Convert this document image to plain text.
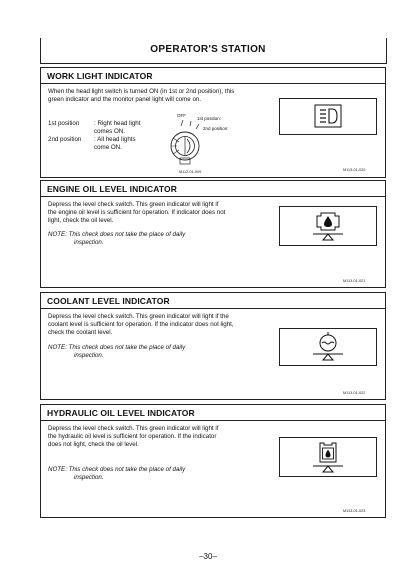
OPERATOR'S STATION
WORK LIGHT INDICATOR
When the head light switch is turned ON (in 1st or 2nd position), this green indicator and the monitor panel light will come on.
1st position : Right head light comes ON.
2nd position : All head lights come ON.
OFF
1st position:
2nd position:
M112-01-009	M113-01-020
ENGINE OIL LEVEL INDICATOR
Depress the level check switch. This green indicator will light if the engine oil level is sufficient for operation. If indicator does not light, check the oil level.
NOTE: This check does not take the place of daily
inspection.
M113-01-021
COOLANT LEVEL INDICATOR
Depress the level check switch. This green indicator will light if the coolant level is sufficient for operation. If the indicator does not light, check the coolant level.
NOTE: This check does not take the place of daily
inspection.
M113-01-022
HYDRAULIC OIL LEVEL INDICATOR
Depress the level check switch. This green indicator will light if the hydraulic oil level is sufficient for operation. If the indicator does not light, check the oil level.
NOTE: This check does not take the place of daily
inspection.
M113-01-023
–30–
